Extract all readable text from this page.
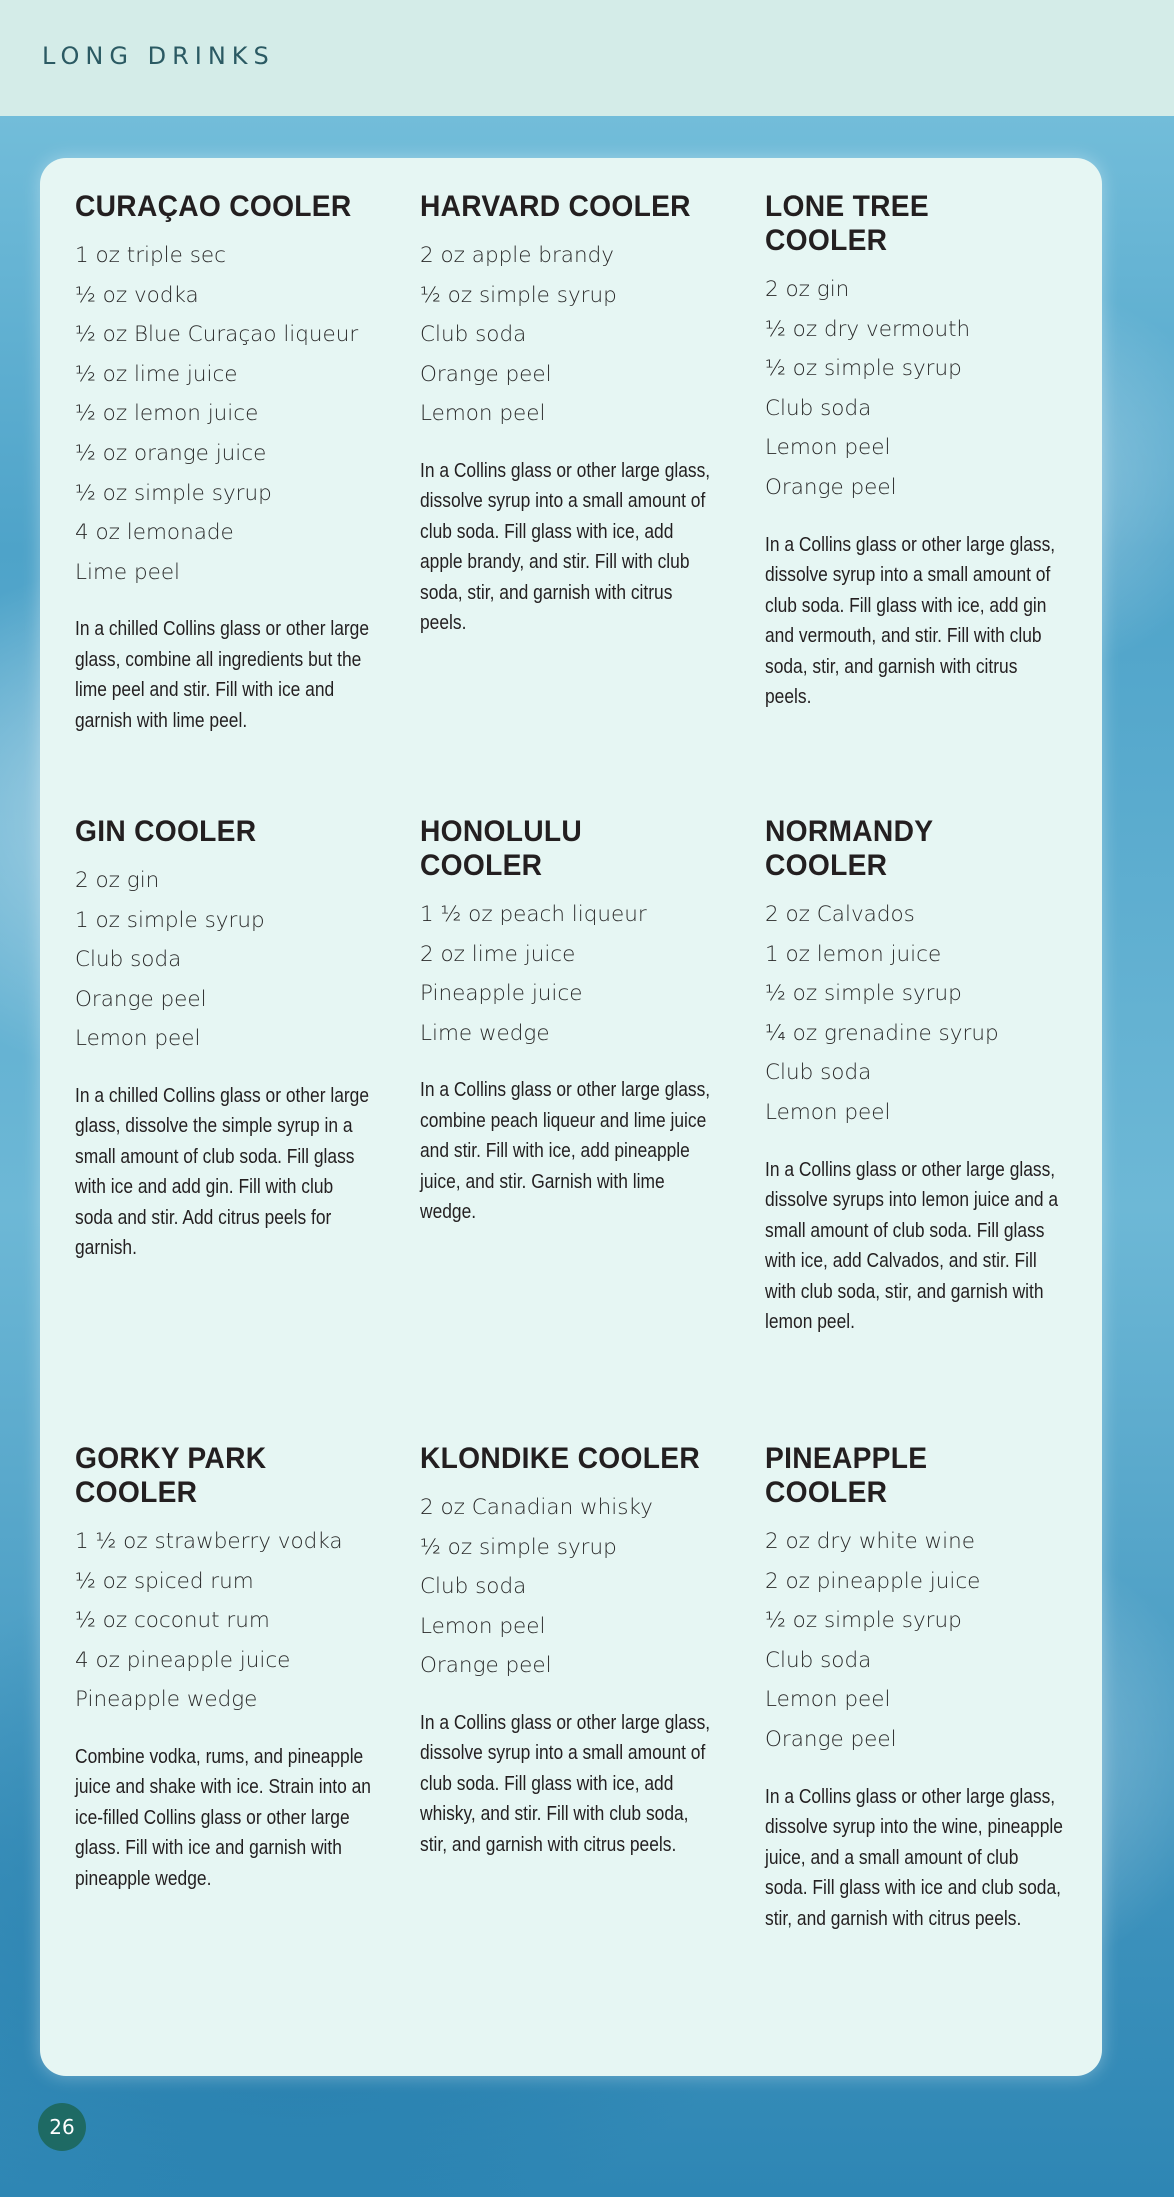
LONG DRINKS
CURAÇAO COOLER
1 oz triple sec
½ oz vodka
½ oz Blue Curaçao liqueur
½ oz lime juice
½ oz lemon juice
½ oz orange juice
½ oz simple syrup
4 oz lemonade
Lime peel

In a chilled Collins glass or other large glass, combine all ingredients but the lime peel and stir. Fill with ice and garnish with lime peel.

HARVARD COOLER
2 oz apple brandy
½ oz simple syrup
Club soda
Orange peel
Lemon peel

In a Collins glass or other large glass, dissolve syrup into a small amount of club soda. Fill glass with ice, add apple brandy, and stir. Fill with club soda, stir, and garnish with citrus peels.

LONE TREE COOLER
2 oz gin
½ oz dry vermouth
½ oz simple syrup
Club soda
Lemon peel
Orange peel

In a Collins glass or other large glass, dissolve syrup into a small amount of club soda. Fill glass with ice, add gin and vermouth, and stir. Fill with club soda, stir, and garnish with citrus peels.

GIN COOLER
2 oz gin
1 oz simple syrup
Club soda
Orange peel
Lemon peel

In a chilled Collins glass or other large glass, dissolve the simple syrup in a small amount of club soda. Fill glass with ice and add gin. Fill with club soda and stir. Add citrus peels for garnish.

HONOLULU COOLER
1 ½ oz peach liqueur
2 oz lime juice
Pineapple juice
Lime wedge

In a Collins glass or other large glass, combine peach liqueur and lime juice and stir. Fill with ice, add pineapple juice, and stir. Garnish with lime wedge.

NORMANDY COOLER
2 oz Calvados
1 oz lemon juice
½ oz simple syrup
¼ oz grenadine syrup
Club soda
Lemon peel

In a Collins glass or other large glass, dissolve syrups into lemon juice and a small amount of club soda. Fill glass with ice, add Calvados, and stir. Fill with club soda, stir, and garnish with lemon peel.

GORKY PARK COOLER
1 ½ oz strawberry vodka
½ oz spiced rum
½ oz coconut rum
4 oz pineapple juice
Pineapple wedge

Combine vodka, rums, and pineapple juice and shake with ice. Strain into an ice-filled Collins glass or other large glass. Fill with ice and garnish with pineapple wedge.

KLONDIKE COOLER
2 oz Canadian whisky
½ oz simple syrup
Club soda
Lemon peel
Orange peel

In a Collins glass or other large glass, dissolve syrup into a small amount of club soda. Fill glass with ice, add whisky, and stir. Fill with club soda, stir, and garnish with citrus peels.

PINEAPPLE COOLER
2 oz dry white wine
2 oz pineapple juice
½ oz simple syrup
Club soda
Lemon peel
Orange peel

In a Collins glass or other large glass, dissolve syrup into the wine, pineapple juice, and a small amount of club soda. Fill glass with ice and club soda, stir, and garnish with citrus peels.

26
